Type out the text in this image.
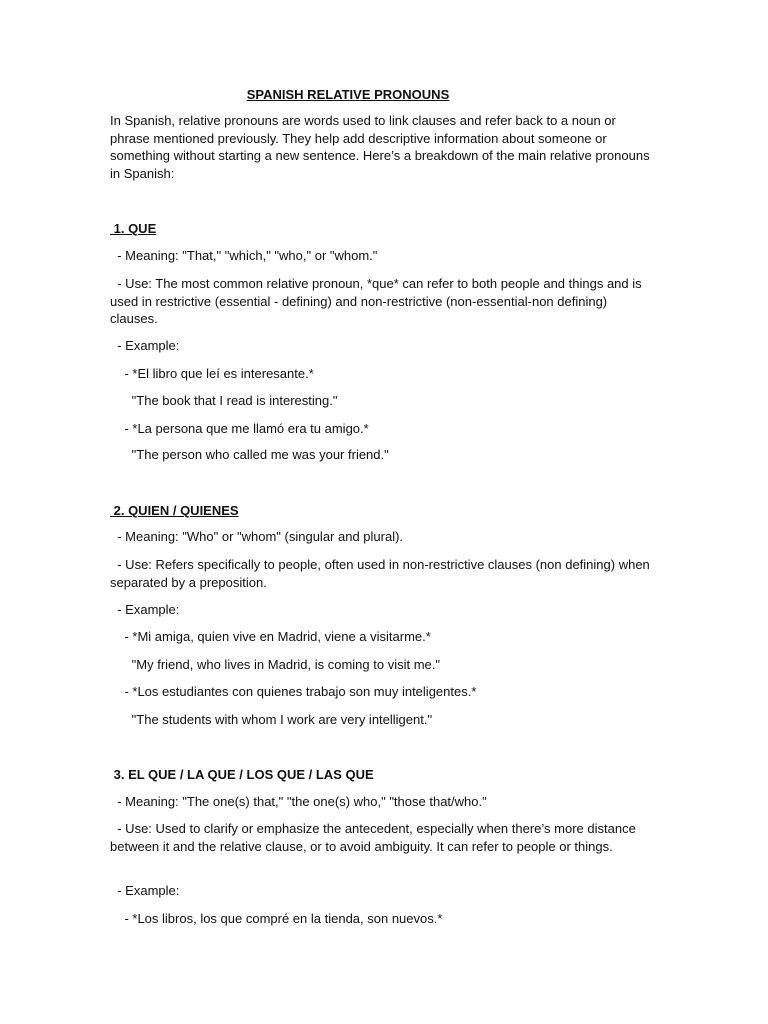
SPANISH RELATIVE PRONOUNS
In Spanish, relative pronouns are words used to link clauses and refer back to a noun or phrase mentioned previously. They help add descriptive information about someone or something without starting a new sentence. Here’s a breakdown of the main relative pronouns in Spanish:
1. QUE
- Meaning: "That," "which," "who," or "whom."
- Use: The most common relative pronoun, *que* can refer to both people and things and is used in restrictive (essential - defining) and non-restrictive (non-essential-non defining) clauses.
- Example:
- *El libro que leí es interesante.*
"The book that I read is interesting."
- *La persona que me llamó era tu amigo.*
"The person who called me was your friend."
2. QUIEN / QUIENES
- Meaning: "Who" or "whom" (singular and plural).
- Use: Refers specifically to people, often used in non-restrictive clauses (non defining) when separated by a preposition.
- Example:
- *Mi amiga, quien vive en Madrid, viene a visitarme.*
"My friend, who lives in Madrid, is coming to visit me."
- *Los estudiantes con quienes trabajo son muy inteligentes.*
"The students with whom I work are very intelligent."
3. EL QUE / LA QUE / LOS QUE / LAS QUE
- Meaning: "The one(s) that," "the one(s) who," "those that/who."
- Use: Used to clarify or emphasize the antecedent, especially when there’s more distance between it and the relative clause, or to avoid ambiguity. It can refer to people or things.
- Example:
- *Los libros, los que compré en la tienda, son nuevos.*
